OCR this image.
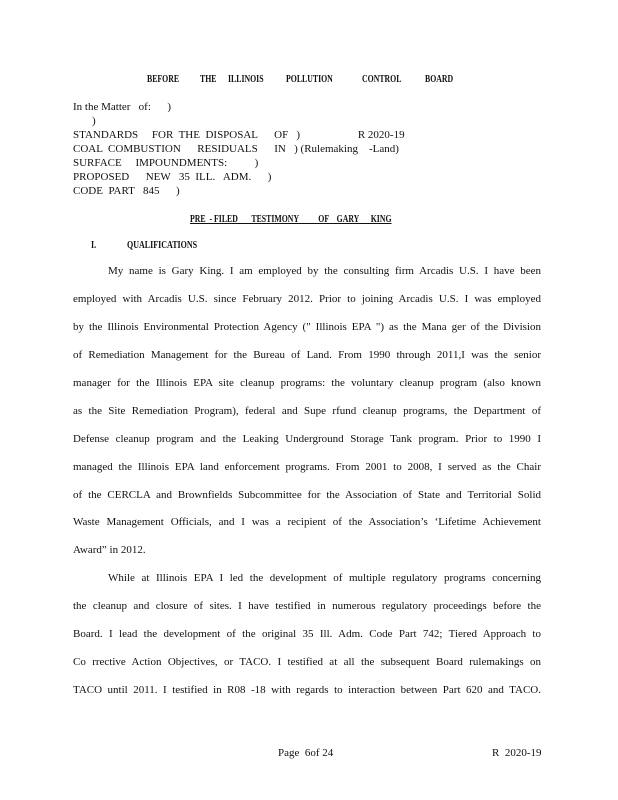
BEFORE THE ILLINOIS POLLUTION	CONTROL BOARD
In the Matter   of:      )
)
STANDARDS     FOR  THE  DISPOSAL      OF   )                     R 2020-19
COAL  COMBUSTION      RESIDUALS      IN   ) (Rulemaking    -Land)
SURFACE     IMPOUNDMENTS:          )
PROPOSED      NEW   35  ILL.   ADM.      )
CODE  PART   845      )
PRE  - FILED       TESTIMONY          OF    GARY      KING
I.	QUALIFICATIONS
My name is Gary King. I am employed by the consulting firm Arcadis U.S. I have been
employed with Arcadis U.S. since February 2012. Prior to joining Arcadis U.S. I was employed
by the Illinois Environmental Protection Agency (" Illinois EPA ") as the Mana ger of the Division
of Remediation Management for the Bureau of Land. From 1990 through 2011,I was the senior
manager for the Illinois EPA site cleanup programs: the voluntary cleanup program (also known
as the Site Remediation Program), federal and Supe rfund cleanup programs, the Department of
Defense cleanup program and the Leaking Underground Storage Tank program. Prior to 1990 I
managed the Illinois EPA land enforcement programs. From 2001 to 2008, I served as the Chair
of the CERCLA and Brownfields Subcommittee for the Association of State and Territorial Solid
Waste Management Officials, and I was a recipient of the Association’s ‘Lifetime Achievement
Award” in 2012.
While at Illinois EPA I led the development of multiple regulatory programs concerning
the cleanup and closure of sites. I have testified in numerous regulatory proceedings before the
Board. I lead the development of the original 35 Ill. Adm. Code Part 742; Tiered Approach to
Co rrective Action Objectives, or TACO. I testified at all the subsequent Board rulemakings on
TACO until 2011. I testified in R08 -18 with regards to interaction between Part 620 and TACO.
Page  6of 24	R  2020-19
